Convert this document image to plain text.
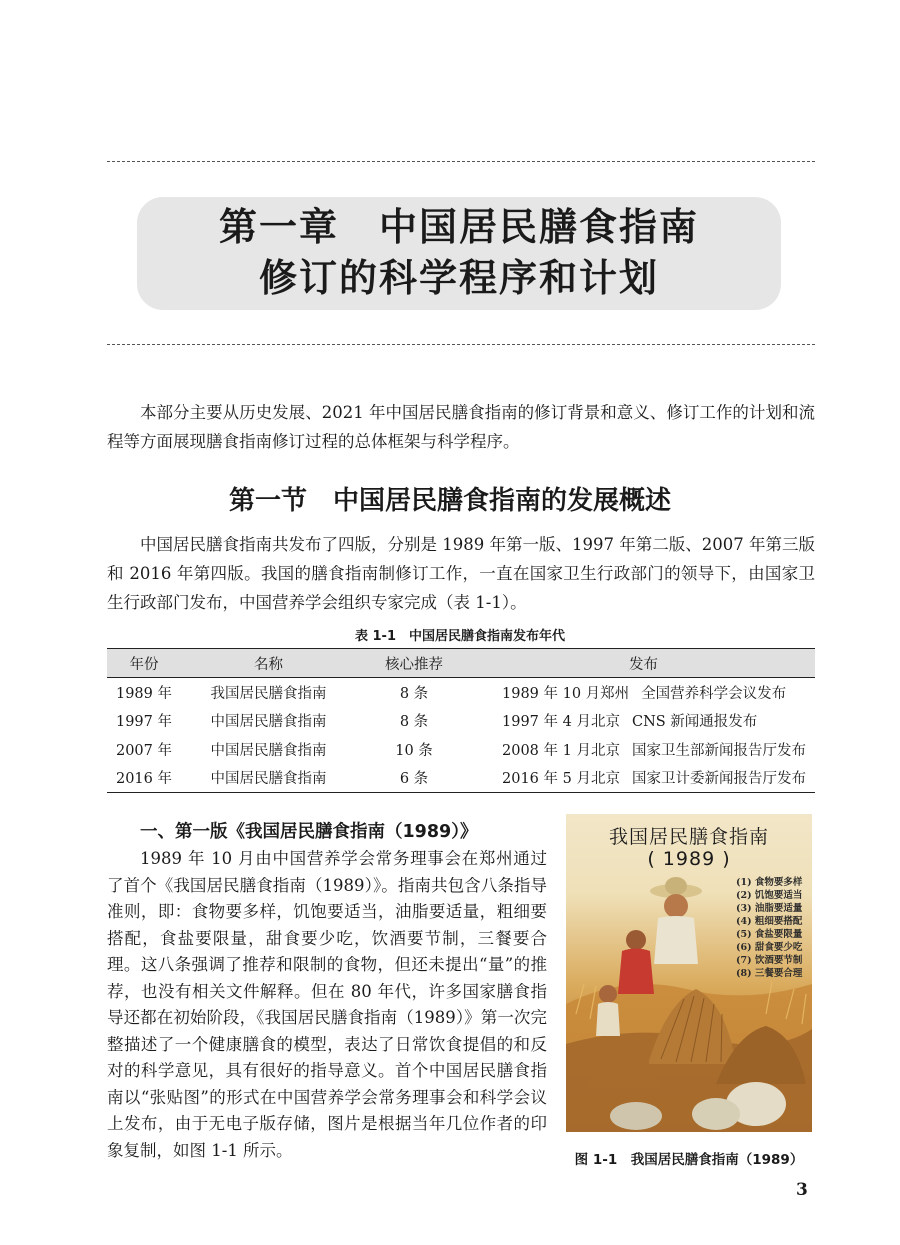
第一章　中国居民膳食指南
修订的科学程序和计划

本部分主要从历史发展、2021 年中国居民膳食指南的修订背景和意义、修订工作的计划和流程等方面展现膳食指南修订过程的总体框架与科学程序。

第一节　中国居民膳食指南的发展概述

中国居民膳食指南共发布了四版，分别是 1989 年第一版、1997 年第二版、2007 年第三版和 2016 年第四版。我国的膳食指南制修订工作，一直在国家卫生行政部门的领导下，由国家卫生行政部门发布，中国营养学会组织专家完成（表 1-1）。

表 1-1　中国居民膳食指南发布年代
年份	名称	核心推荐	发布
1989 年	我国居民膳食指南	8 条	1989 年 10 月郑州 全国营养科学会议发布
1997 年	中国居民膳食指南	8 条	1997 年 4 月北京 CNS 新闻通报发布
2007 年	中国居民膳食指南	10 条	2008 年 1 月北京 国家卫生部新闻报告厅发布
2016 年	中国居民膳食指南	6 条	2016 年 5 月北京 国家卫计委新闻报告厅发布
一、第一版《我国居民膳食指南（1989）》

1989 年 10 月由中国营养学会常务理事会在郑州通过了首个《我国居民膳食指南（1989）》。指南共包含八条指导准则，即：食物要多样，饥饱要适当，油脂要适量，粗细要搭配，食盐要限量，甜食要少吃，饮酒要节制，三餐要合理。这八条强调了推荐和限制的食物，但还未提出“量”的推荐，也没有相关文件解释。但在 80 年代，许多国家膳食指导还都在初始阶段，《我国居民膳食指南（1989）》第一次完整描述了一个健康膳食的模型，表达了日常饮食提倡的和反对的科学意见，具有很好的指导意义。首个中国居民膳食指南以“张贴图”的形式在中国营养学会常务理事会和科学会议上发布，由于无电子版存储，图片是根据当年几位作者的印象复制，如图 1-1 所示。

我国居民膳食指南
( 1989 )
(1) 食物要多样
(2) 饥饱要适当
(3) 油脂要适量
(4) 粗细要搭配
(5) 食盐要限量
(6) 甜食要少吃
(7) 饮酒要节制
(8) 三餐要合理
图 1-1　我国居民膳食指南（1989）
3
